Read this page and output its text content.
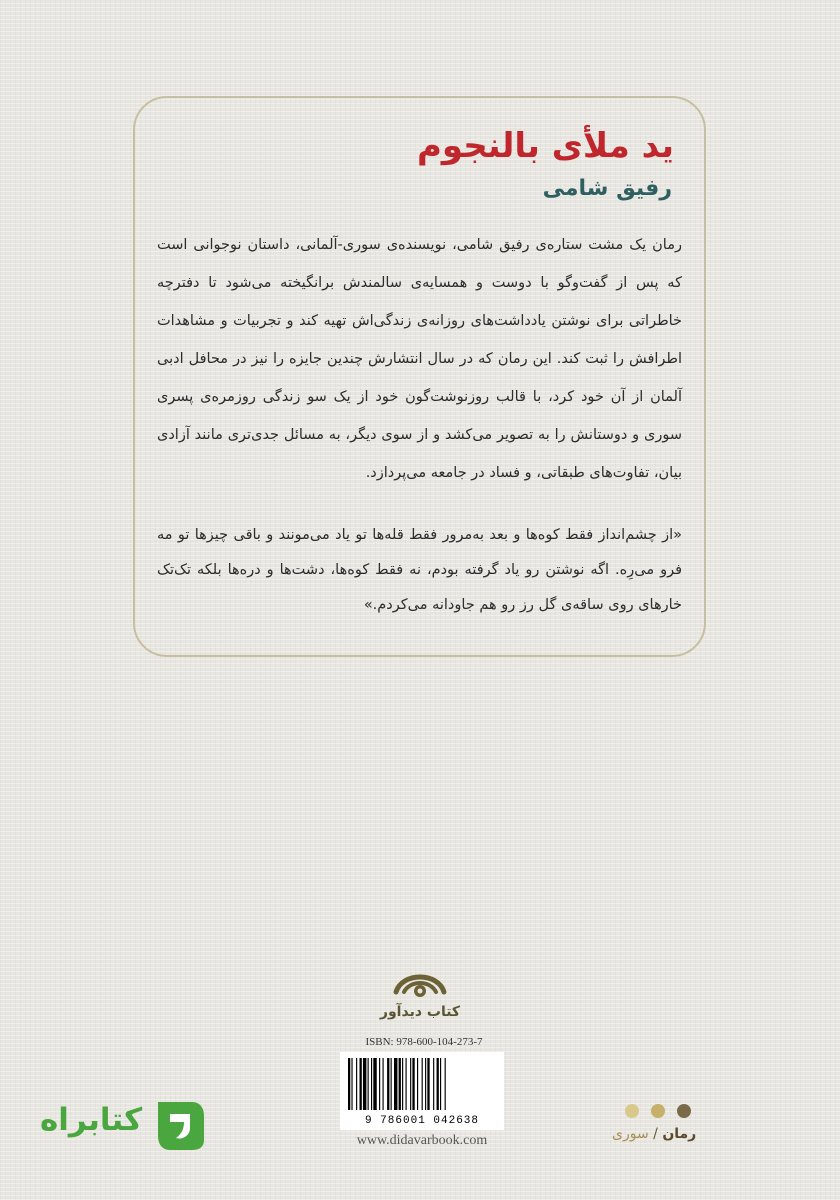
ید ملأی بالنجوم
رفیق شامی

رمان یک مشت ستاره‌ی رفیق شامی، نویسنده‌ی سوری-آلمانی، داستان نوجوانی است که پس از گفت‌وگو با دوست و همسایه‌ی سالمندش برانگیخته می‌شود تا دفترچه خاطراتی برای نوشتن یادداشت‌های روزانه‌ی زندگی‌اش تهیه کند و تجربیات و مشاهدات اطرافش را ثبت کند. این رمان که در سال انتشارش چندین جایزه را نیز در محافل ادبی آلمان از آن خود کرد، با قالب روزنوشت‌گون خود از یک سو زندگی روزمره‌ی پسری سوری و دوستانش را به تصویر می‌کشد و از سوی دیگر، به مسائل جدی‌تری مانند آزادی بیان، تفاوت‌های طبقاتی، و فساد در جامعه می‌پردازد.

«از چشم‌انداز فقط کوه‌ها و بعد به‌مرور فقط قله‌ها تو یاد می‌مونند و باقی چیزها تو مه فرو می‌رِه. اگه نوشتن رو یاد گرفته بودم، نه فقط کوه‌ها، دشت‌ها و دره‌ها بلکه تک‌تک خارهای روی ساقه‌ی گل رز رو هم جاودانه می‌کردم.»

کتاب دیدآور
ISBN: 978-600-104-273-7
9 786001 042638
www.didavarbook.com
کتابراه	رمان / سوری
